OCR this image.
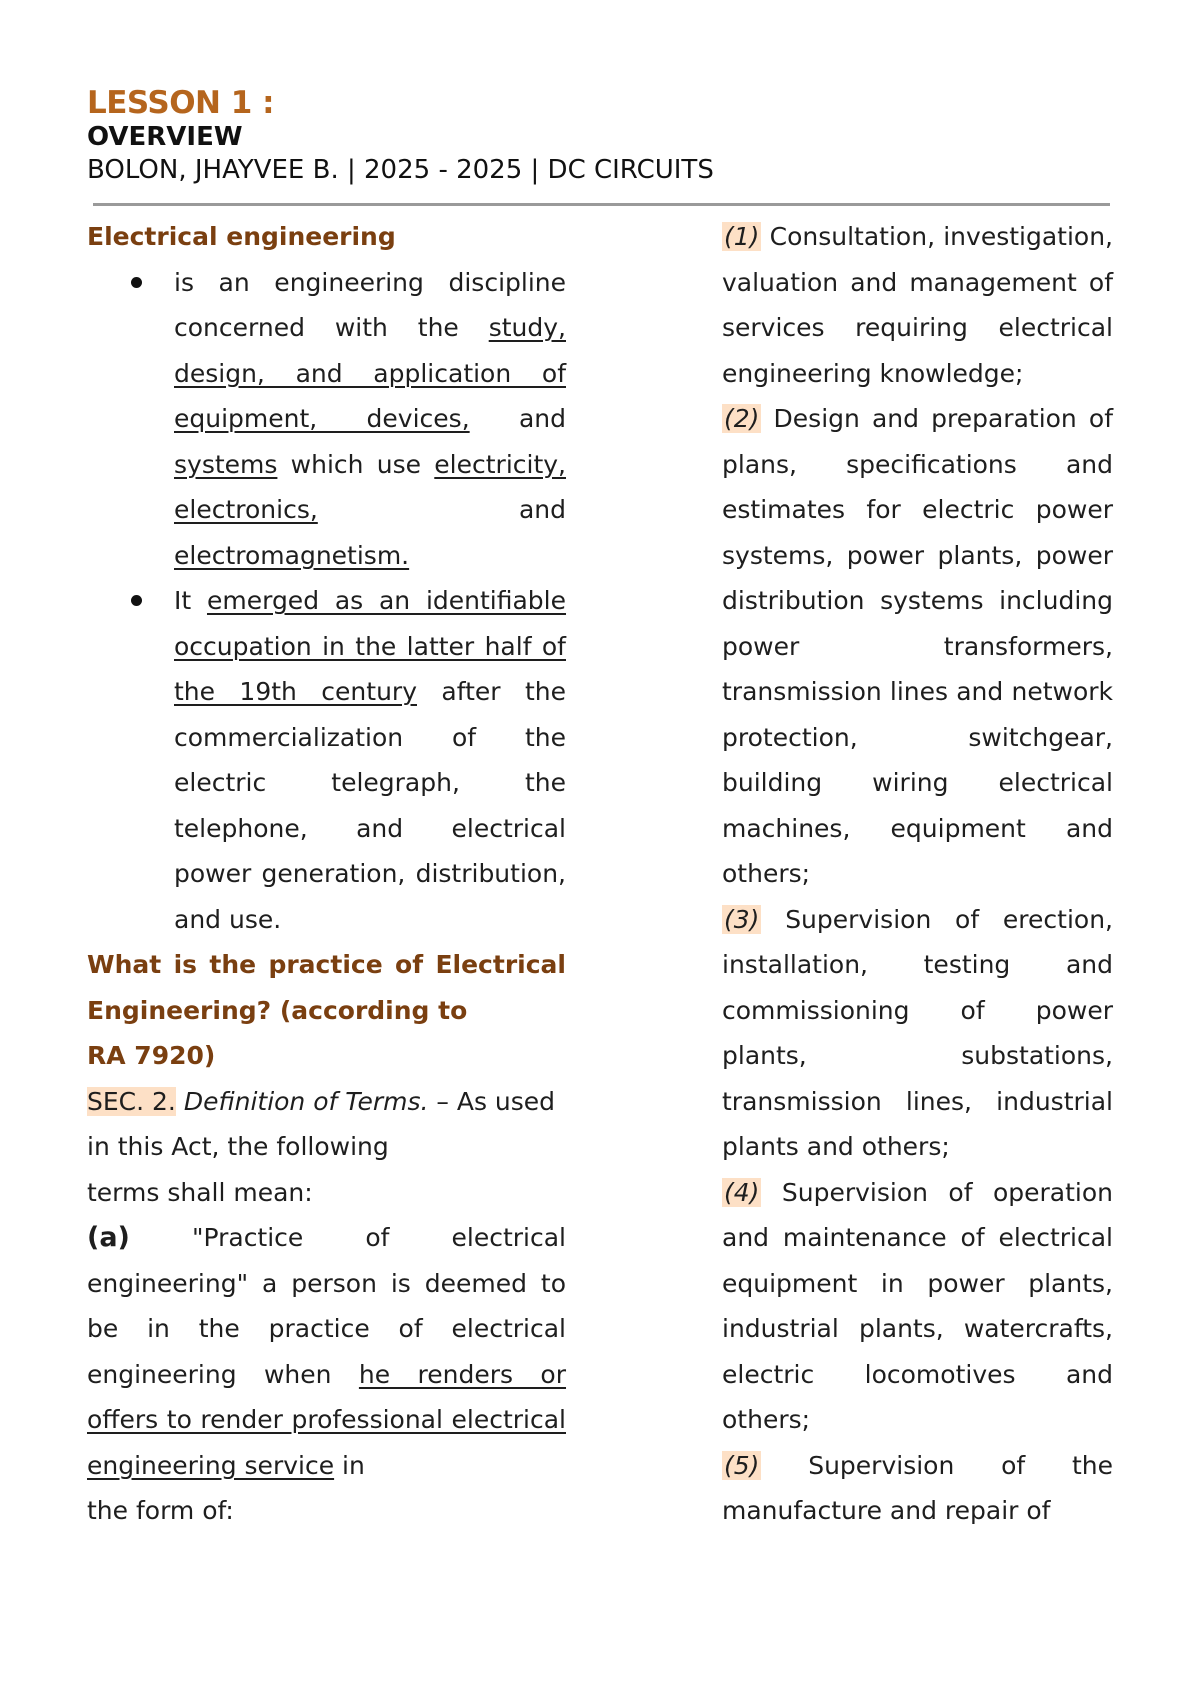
LESSON 1 :
OVERVIEW
BOLON, JHAYVEE B. | 2025 - 2025 | DC CIRCUITS
Electrical engineering
is an engineering discipline concerned with the study, design, and application of equipment, devices, and systems which use electricity, electronics, and electromagnetism.
It emerged as an identifiable occupation in the latter half of the 19th century after the commercialization of the electric telegraph, the telephone, and electrical power generation, distribution, and use.
What is the practice of Electrical
Engineering? (according to
RA 7920)
SEC. 2. Definition of Terms. – As used in this Act, the following
terms shall mean:
(a) "Practice of electrical engineering" a person is deemed to be in the practice of electrical engineering when he renders or offers to render professional electrical engineering service in
the form of:
(1) Consultation, investigation, valuation and management of services requiring electrical engineering knowledge;
(2) Design and preparation of plans, specifications and estimates for electric power systems, power plants, power distribution systems including power transformers, transmission lines and network protection, switchgear, building wiring electrical machines, equipment and others;
(3) Supervision of erection, installation, testing and commissioning of power plants, substations, transmission lines, industrial plants and others;
(4) Supervision of operation and maintenance of electrical equipment in power plants, industrial plants, watercrafts, electric locomotives and others;
(5) Supervision of the manufacture and repair of
